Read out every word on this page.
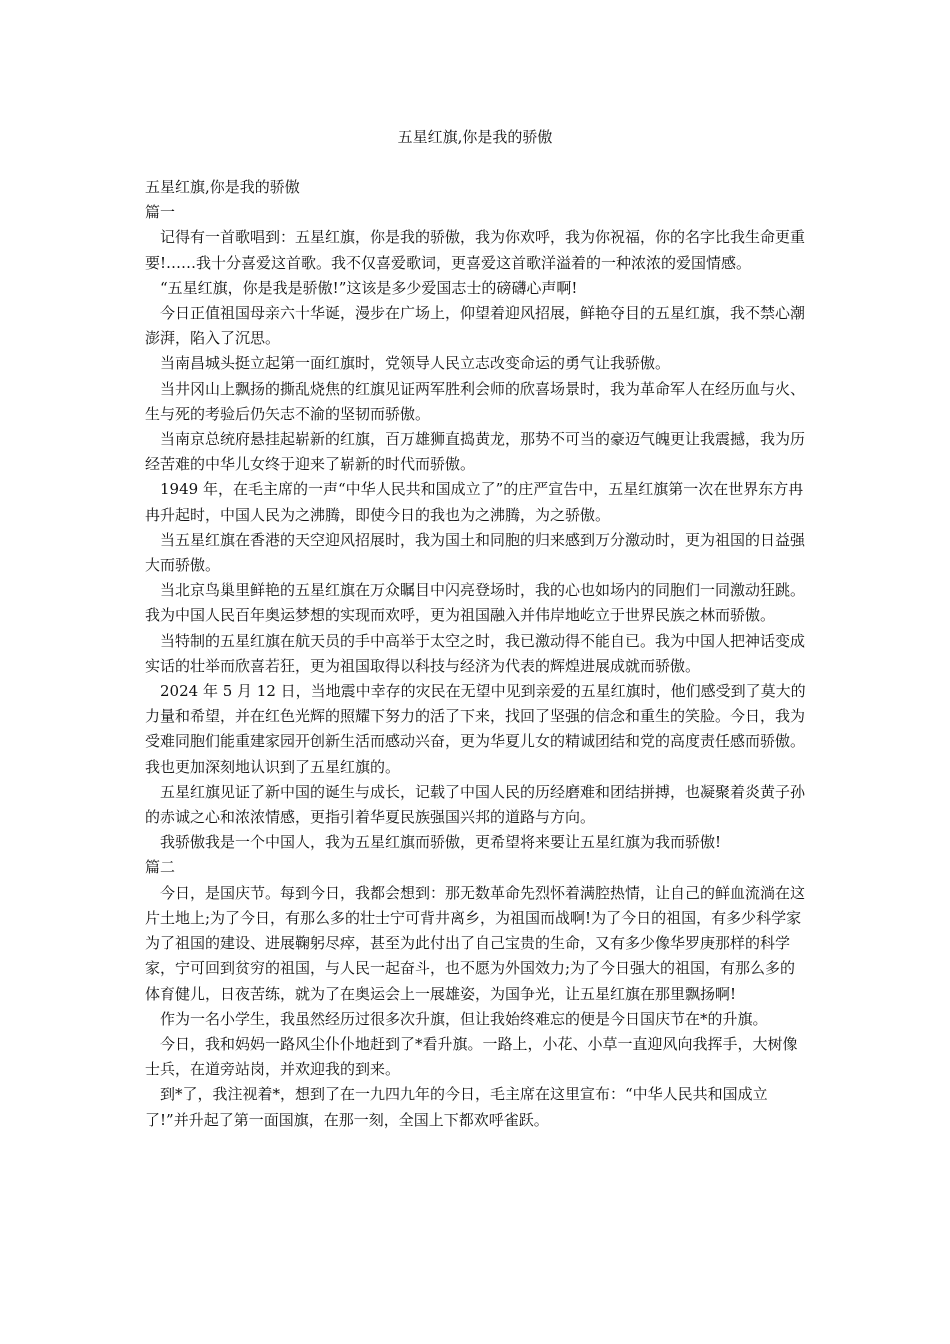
五星红旗,你是我的骄傲

五星红旗,你是我的骄傲

篇一

记得有一首歌唱到：五星红旗，你是我的骄傲，我为你欢呼，我为你祝福，你的名字比我生命更重要!……我十分喜爱这首歌。我不仅喜爱歌词，更喜爱这首歌洋溢着的一种浓浓的爱国情感。

“五星红旗，你是我是骄傲!”这该是多少爱国志士的磅礴心声啊!

今日正值祖国母亲六十华诞，漫步在广场上，仰望着迎风招展，鲜艳夺目的五星红旗，我不禁心潮澎湃，陷入了沉思。

当南昌城头挺立起第一面红旗时，党领导人民立志改变命运的勇气让我骄傲。

当井冈山上飘扬的撕乱烧焦的红旗见证两军胜利会师的欣喜场景时，我为革命军人在经历血与火、生与死的考验后仍矢志不渝的坚韧而骄傲。

当南京总统府悬挂起崭新的红旗，百万雄狮直捣黄龙，那势不可当的豪迈气魄更让我震撼，我为历经苦难的中华儿女终于迎来了崭新的时代而骄傲。

1949 年，在毛主席的一声“中华人民共和国成立了”的庄严宣告中，五星红旗第一次在世界东方冉冉升起时，中国人民为之沸腾，即使今日的我也为之沸腾，为之骄傲。

当五星红旗在香港的天空迎风招展时，我为国土和同胞的归来感到万分激动时，更为祖国的日益强大而骄傲。

当北京鸟巢里鲜艳的五星红旗在万众瞩目中闪亮登场时，我的心也如场内的同胞们一同激动狂跳。我为中国人民百年奥运梦想的实现而欢呼，更为祖国融入并伟岸地屹立于世界民族之林而骄傲。

当特制的五星红旗在航天员的手中高举于太空之时，我已激动得不能自已。我为中国人把神话变成实话的壮举而欣喜若狂，更为祖国取得以科技与经济为代表的辉煌进展成就而骄傲。

2024 年 5 月 12 日，当地震中幸存的灾民在无望中见到亲爱的五星红旗时，他们感受到了莫大的力量和希望，并在红色光辉的照耀下努力的活了下来，找回了坚强的信念和重生的笑脸。今日，我为受难同胞们能重建家园开创新生活而感动兴奋，更为华夏儿女的精诚团结和党的高度责任感而骄傲。我也更加深刻地认识到了五星红旗的。

五星红旗见证了新中国的诞生与成长，记载了中国人民的历经磨难和团结拼搏，也凝聚着炎黄子孙的赤诚之心和浓浓情感，更指引着华夏民族强国兴邦的道路与方向。

我骄傲我是一个中国人，我为五星红旗而骄傲，更希望将来要让五星红旗为我而骄傲!

篇二

今日，是国庆节。每到今日，我都会想到：那无数革命先烈怀着满腔热情，让自己的鲜血流淌在这片土地上;为了今日，有那么多的壮士宁可背井离乡，为祖国而战啊!为了今日的祖国，有多少科学家为了祖国的建设、进展鞠躬尽瘁，甚至为此付出了自己宝贵的生命，又有多少像华罗庚那样的科学家，宁可回到贫穷的祖国，与人民一起奋斗，也不愿为外国效力;为了今日强大的祖国，有那么多的体育健儿，日夜苦练，就为了在奥运会上一展雄姿，为国争光，让五星红旗在那里飘扬啊!

作为一名小学生，我虽然经历过很多次升旗，但让我始终难忘的便是今日国庆节在*的升旗。

今日，我和妈妈一路风尘仆仆地赶到了*看升旗。一路上，小花、小草一直迎风向我挥手，大树像士兵，在道旁站岗，并欢迎我的到来。

到*了，我注视着*，想到了在一九四九年的今日，毛主席在这里宣布：“中华人民共和国成立了!”并升起了第一面国旗，在那一刻，全国上下都欢呼雀跃。
